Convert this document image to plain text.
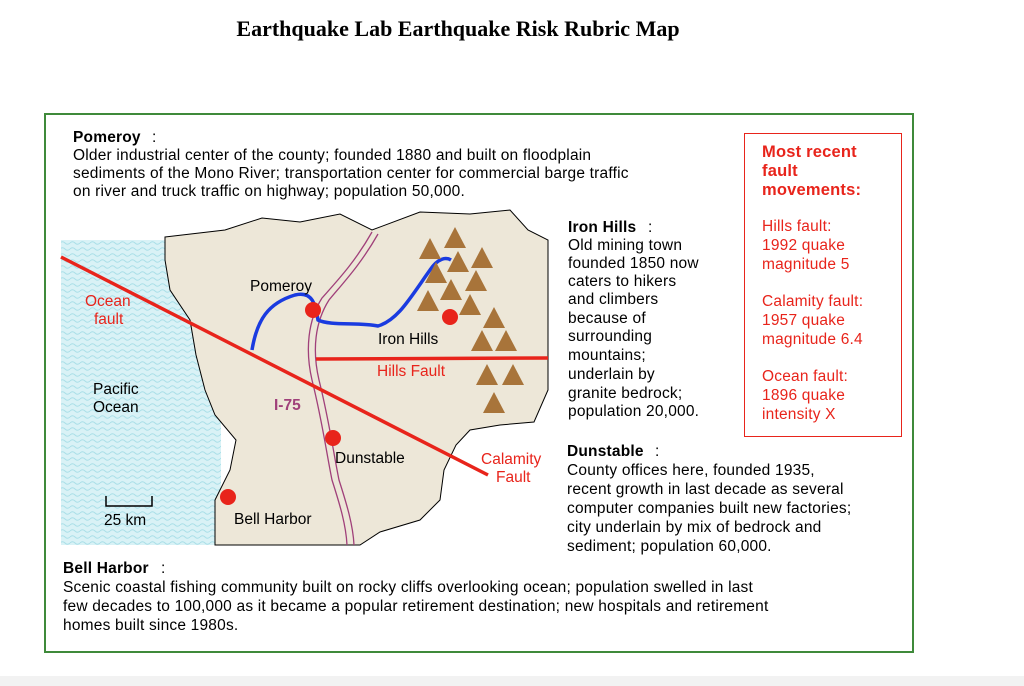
Earthquake Lab Earthquake Risk Rubric Map
Pomeroy
Iron Hills
Dunstable
Bell Harbor
Ocean
fault
Hills Fault
Calamity
Fault
Pacific
Ocean	I-75
25 km
Pomeroy :
Older industrial center of the county; founded 1880 and built on floodplain
sediments of the Mono River; transportation center for commercial barge traffic
on river and truck traffic on highway; population 50,000.
Iron Hills :
Old mining town
founded 1850 now
caters to hikers
and climbers
because of
surrounding
mountains;
underlain by
granite bedrock;
population 20,000.
Dunstable :
County offices here, founded 1935,
recent growth in last decade as several
computer companies built new factories;
city underlain by mix of bedrock and
sediment; population 60,000.
Bell Harbor :
Scenic coastal fishing community built on rocky cliffs overlooking ocean; population swelled in last
few decades to 100,000 as it became a popular retirement destination; new hospitals and retirement
homes built since 1980s.
Most recent
fault
movements:
Hills fault:
1992 quake
magnitude 5
Calamity fault:
1957 quake
magnitude 6.4
Ocean fault:
1896 quake
intensity X
